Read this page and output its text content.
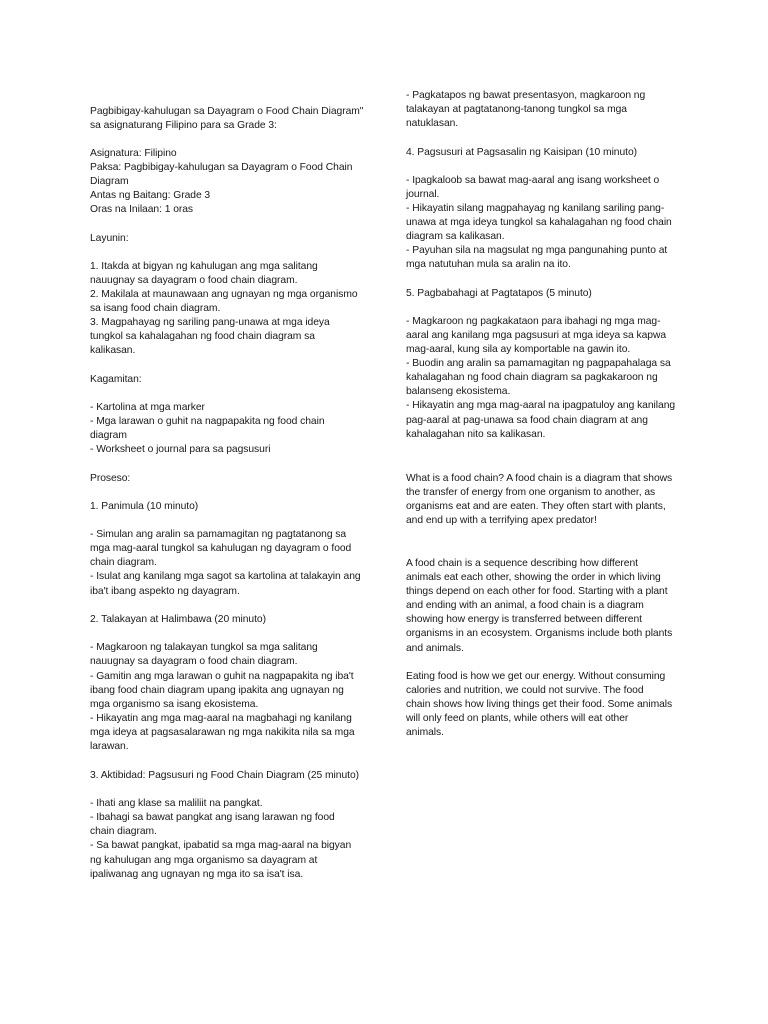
Pagbibigay-kahulugan sa Dayagram o Food Chain Diagram"
sa asignaturang Filipino para sa Grade 3:
Asignatura: Filipino
Paksa: Pagbibigay-kahulugan sa Dayagram o Food Chain
Diagram
Antas ng Baitang: Grade 3
Oras na Inilaan: 1 oras
Layunin:
1. Itakda at bigyan ng kahulugan ang mga salitang
nauugnay sa dayagram o food chain diagram.
2. Makilala at maunawaan ang ugnayan ng mga organismo
sa isang food chain diagram.
3. Magpahayag ng sariling pang-unawa at mga ideya
tungkol sa kahalagahan ng food chain diagram sa
kalikasan.
Kagamitan:
- Kartolina at mga marker
- Mga larawan o guhit na nagpapakita ng food chain
diagram
- Worksheet o journal para sa pagsusuri
Proseso:
1. Panimula (10 minuto)
- Simulan ang aralin sa pamamagitan ng pagtatanong sa
mga mag-aaral tungkol sa kahulugan ng dayagram o food
chain diagram.
- Isulat ang kanilang mga sagot sa kartolina at talakayin ang
iba't ibang aspekto ng dayagram.
2. Talakayan at Halimbawa (20 minuto)
- Magkaroon ng talakayan tungkol sa mga salitang
nauugnay sa dayagram o food chain diagram.
- Gamitin ang mga larawan o guhit na nagpapakita ng iba't
ibang food chain diagram upang ipakita ang ugnayan ng
mga organismo sa isang ekosistema.
- Hikayatin ang mga mag-aaral na magbahagi ng kanilang
mga ideya at pagsasalarawan ng mga nakikita nila sa mga
larawan.
3. Aktibidad: Pagsusuri ng Food Chain Diagram (25 minuto)
- Ihati ang klase sa maliliit na pangkat.
- Ibahagi sa bawat pangkat ang isang larawan ng food
chain diagram.
- Sa bawat pangkat, ipabatid sa mga mag-aaral na bigyan
ng kahulugan ang mga organismo sa dayagram at
ipaliwanag ang ugnayan ng mga ito sa isa't isa.
- Pagkatapos ng bawat presentasyon, magkaroon ng
talakayan at pagtatanong-tanong tungkol sa mga
natuklasan.
4. Pagsusuri at Pagsasalin ng Kaisipan (10 minuto)
- Ipagkaloob sa bawat mag-aaral ang isang worksheet o
journal.
- Hikayatin silang magpahayag ng kanilang sariling pang-
unawa at mga ideya tungkol sa kahalagahan ng food chain
diagram sa kalikasan.
- Payuhan sila na magsulat ng mga pangunahing punto at
mga natutuhan mula sa aralin na ito.
5. Pagbabahagi at Pagtatapos (5 minuto)
- Magkaroon ng pagkakataon para ibahagi ng mga mag-
aaral ang kanilang mga pagsusuri at mga ideya sa kapwa
mag-aaral, kung sila ay komportable na gawin ito.
- Buodin ang aralin sa pamamagitan ng pagpapahalaga sa
kahalagahan ng food chain diagram sa pagkakaroon ng
balanseng ekosistema.
- Hikayatin ang mga mag-aaral na ipagpatuloy ang kanilang
pag-aaral at pag-unawa sa food chain diagram at ang
kahalagahan nito sa kalikasan.
What is a food chain? A food chain is a diagram that shows
the transfer of energy from one organism to another, as
organisms eat and are eaten. They often start with plants,
and end up with a terrifying apex predator!
A food chain is a sequence describing how different
animals eat each other, showing the order in which living
things depend on each other for food. Starting with a plant
and ending with an animal, a food chain is a diagram
showing how energy is transferred between different
organisms in an ecosystem. Organisms include both plants
and animals.
Eating food is how we get our energy. Without consuming
calories and nutrition, we could not survive. The food
chain shows how living things get their food. Some animals
will only feed on plants, while others will eat other
animals.
